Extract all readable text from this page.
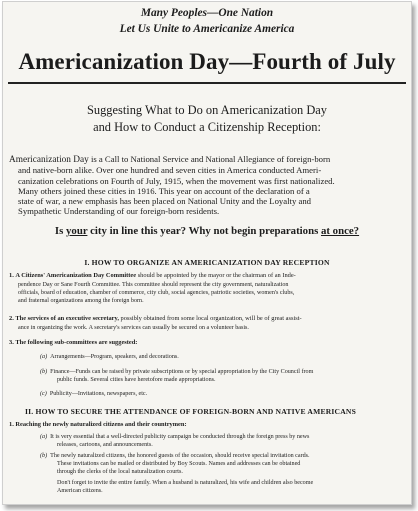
Many Peoples—One Nation
Let Us Unite to Americanize America
Americanization Day—Fourth of July
Suggesting What to Do on Americanization Day
and How to Conduct a Citizenship Reception:
Americanization Day is a Call to National Service and National Allegiance of foreign-born
and native-born alike. Over one hundred and seven cities in America conducted Ameri-
canization celebrations on Fourth of July, 1915, when the movement was first nationalized.
Many others joined these cities in 1916. This year on account of the declaration of a
state of war, a new emphasis has been placed on National Unity and the Loyalty and
Sympathetic Understanding of our foreign-born residents.
Is your city in line this year? Why not begin preparations at once?
I. HOW TO ORGANIZE AN AMERICANIZATION DAY RECEPTION
1. A Citizens' Americanization Day Committee should be appointed by the mayor or the chairman of an Inde-
pendence Day or Sane Fourth Committee. This committee should represent the city government, naturalization
officials, board of education, chamber of commerce, city club, social agencies, patriotic societies, women's clubs,
and fraternal organizations among the foreign born.
2. The services of an executive secretary, possibly obtained from some local organization, will be of great assist-
ance in organizing the work. A secretary's services can usually be secured on a volunteer basis.
3. The following sub-committees are suggested:
(a) Arrangements—Program, speakers, and decorations.
(b) Finance—Funds can be raised by private subscriptions or by special appropriation by the City Council from
public funds. Several cities have heretofore made appropriations.
(c) Publicity—Invitations, newspapers, etc.
II. HOW TO SECURE THE ATTENDANCE OF FOREIGN-BORN AND NATIVE AMERICANS
1. Reaching the newly naturalized citizens and their countrymen:
(a) It is very essential that a well-directed publicity campaign be conducted through the foreign press by news
releases, cartoons, and announcements.
(b) The newly naturalized citizens, the honored guests of the occasion, should receive special invitation cards.
These invitations can be mailed or distributed by Boy Scouts. Names and addresses can be obtained
through the clerks of the local naturalization courts.
Don't forget to invite the entire family. When a husband is naturalized, his wife and children also become
American citizens.
